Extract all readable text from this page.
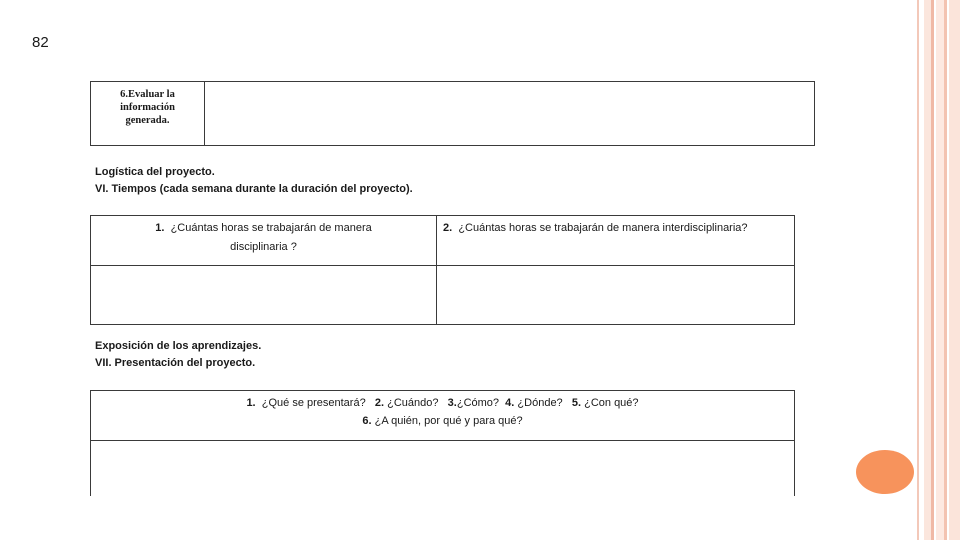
82
6.Evaluar la
información
generada.

Logística del proyecto.
VI. Tiempos (cada semana durante la duración del proyecto).
1. ¿Cuántas horas se trabajarán de manera
disciplinaria ?	2. ¿Cuántas horas se trabajarán de manera interdisciplinaria?

Exposición de los aprendizajes.
VII. Presentación del proyecto.
1. ¿Qué se presentará? 2. ¿Cuándo? 3.¿Cómo? 4. ¿Dónde? 5. ¿Con qué?
6. ¿A quién, por qué y para qué?
